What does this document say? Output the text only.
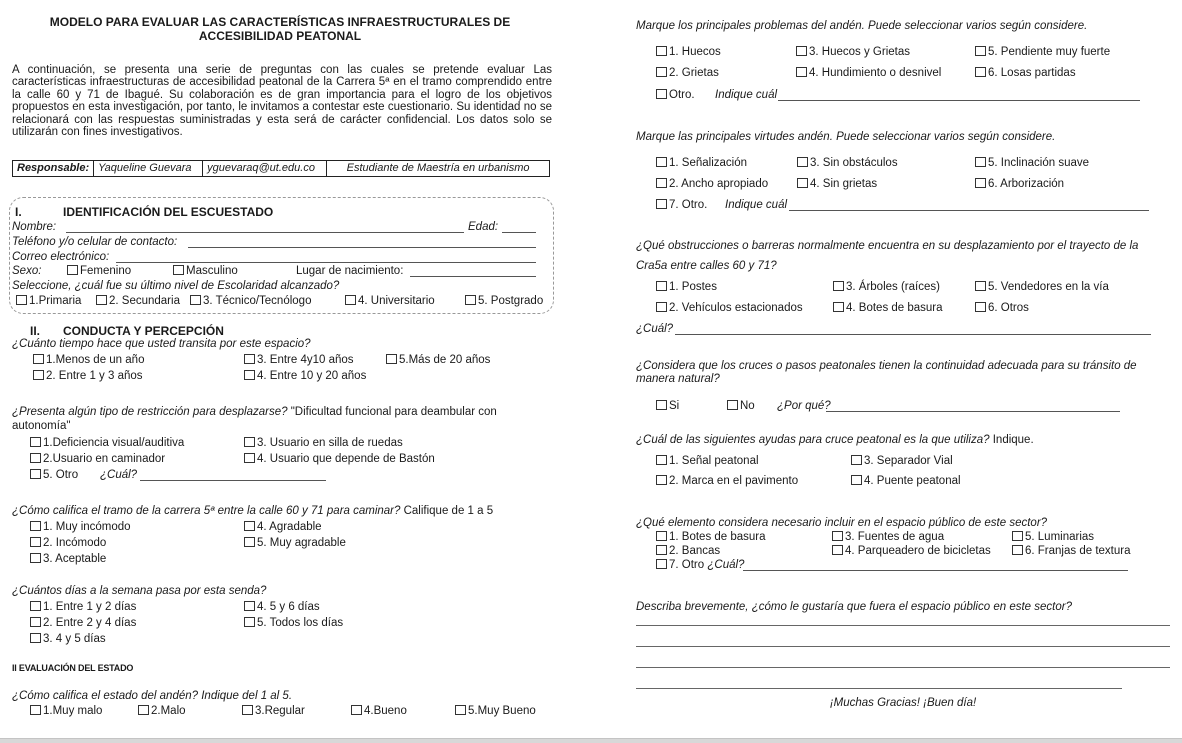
MODELO PARA EVALUAR LAS CARACTERÍSTICAS INFRAESTRUCTURALES DE
ACCESIBILIDAD PEATONAL
A continuación, se presenta una serie de preguntas con las cuales se pretende evaluar Las características infraestructuras de accesibilidad peatonal de la Carrera 5ª en el tramo comprendido entre la calle 60 y 71 de Ibagué. Su colaboración es de gran importancia para el logro de los objetivos propuestos en esta investigación, por tanto, le invitamos a contestar este cuestionario. Su identidad no se relacionará con las respuestas suministradas y esta será de carácter confidencial. Los datos solo se utilizarán con fines investigativos.
Responsable:	Yaqueline Guevara	yguevaraq@ut.edu.co	Estudiante de Maestría en urbanismo
I.	IDENTIFICACIÓN DEL ESCUESTADO
Nombre:	Edad:
Teléfono y/o celular de contacto:
Correo electrónico:
Sexo:	Femenino	Masculino	Lugar de nacimiento:
Seleccione, ¿cuál fue su último nivel de Escolaridad alcanzado?
1.Primaria	2. Secundaria	3. Técnico/Tecnólogo	4. Universitario	5. Postgrado
II. CONDUCTA Y PERCEPCIÓN
¿Cuánto tiempo hace que usted transita por este espacio?
1.Menos de un año
2. Entre 1 y 3 años
3. Entre 4y10 años
4. Entre 10 y 20 años
5.Más de 20 años
¿Presenta algún tipo de restricción para desplazarse? "Dificultad funcional para deambular con
autonomía"
1.Deficiencia visual/auditiva
2.Usuario en caminador
5. Otro ¿Cuál?
3. Usuario en silla de ruedas
4. Usuario que depende de Bastón
¿Cómo califica el tramo de la carrera 5ª entre la calle 60 y 71 para caminar? Califique de 1 a 5
1. Muy incómodo
2. Incómodo
3. Aceptable
4. Agradable
5. Muy agradable
¿Cuántos días a la semana pasa por esta senda?
1. Entre 1 y 2 días
2. Entre 2 y 4 días
3. 4 y 5 días
4. 5 y 6 días
5. Todos los días
II EVALUACIÓN DEL ESTADO
¿Cómo califica el estado del andén? Indique del 1 al 5.
1.Muy malo	2.Malo	3.Regular	4.Bueno	5.Muy Bueno
Marque los principales problemas del andén. Puede seleccionar varios según considere.
1. Huecos
2. Grietas
3. Huecos y Grietas
4. Hundimiento o desnivel
5. Pendiente muy fuerte
6. Losas partidas
Otro. Indique cuál
Marque las principales virtudes andén. Puede seleccionar varios según considere.
1. Señalización
2. Ancho apropiado
3. Sin obstáculos
4. Sin grietas
5. Inclinación suave
6. Arborización
7. Otro. Indique cuál
¿Qué obstrucciones o barreras normalmente encuentra en su desplazamiento por el trayecto de la
Cra5a entre calles 60 y 71?
1. Postes
2. Vehículos estacionados
3. Árboles (raíces)
4. Botes de basura
5. Vendedores en la vía
6. Otros
¿Cuál?
¿Considera que los cruces o pasos peatonales tienen la continuidad adecuada para su tránsito de
manera natural?
Si	No ¿Por qué?
¿Cuál de las siguientes ayudas para cruce peatonal es la que utiliza? Indique.
1. Señal peatonal
2. Marca en el pavimento
3. Separador Vial
4. Puente peatonal
¿Qué elemento considera necesario incluir en el espacio público de este sector?
1. Botes de basura
2. Bancas
3. Fuentes de agua
4. Parqueadero de bicicletas
5. Luminarias
6. Franjas de textura
7. Otro ¿Cuál?
Describa brevemente, ¿cómo le gustaría que fuera el espacio público en este sector?
¡Muchas Gracias! ¡Buen día!
